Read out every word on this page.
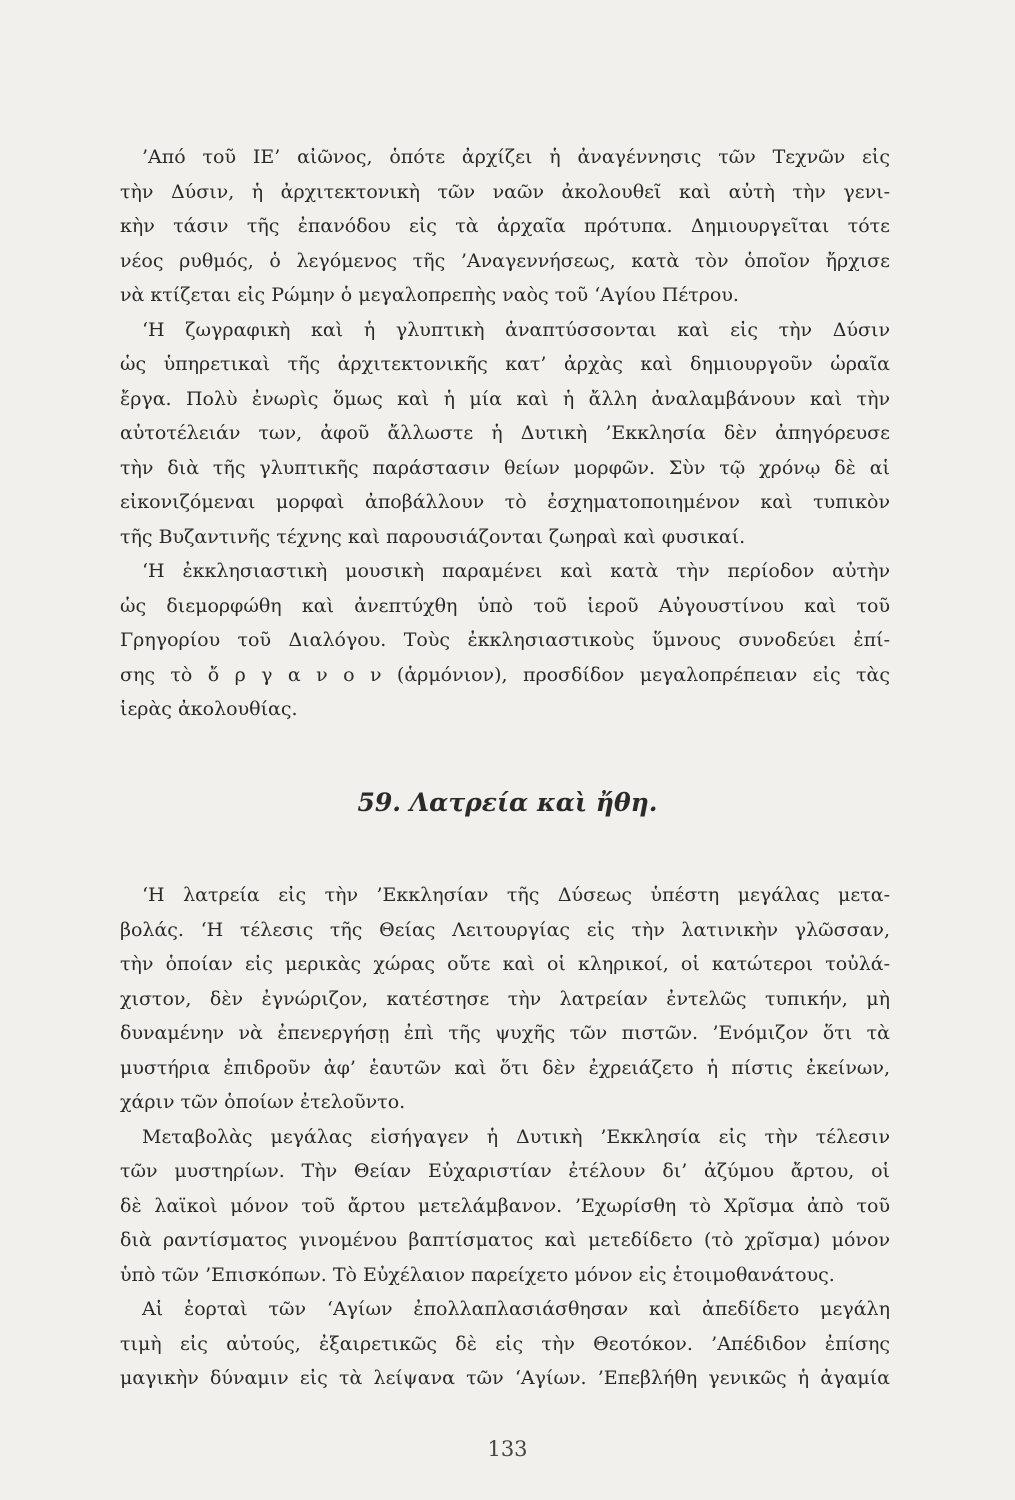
’Από τοῦ ΙΕ’ αἰῶνος, ὁπότε ἀρχίζει ἡ ἀναγέννησις τῶν Τεχνῶν εἰς
τὴν Δύσιν, ἡ ἀρχιτεκτονικὴ τῶν ναῶν ἀκολουθεῖ καὶ αὐτὴ τὴν γενι-
κὴν τάσιν τῆς ἐπανόδου εἰς τὰ ἀρχαῖα πρότυπα. Δημιουργεῖται τότε
νέος ρυθμός, ὁ λεγόμενος τῆς ’Αναγεννήσεως, κατὰ τὸν ὁποῖον ἤρχισε
νὰ κτίζεται εἰς Ρώμην ὁ μεγαλοπρεπὴς ναὸς τοῦ ‘Αγίου Πέτρου.
‘Η ζωγραφικὴ καὶ ἡ γλυπτικὴ ἀναπτύσσονται καὶ εἰς τὴν Δύσιν
ὡς ὑπηρετικαὶ τῆς ἀρχιτεκτονικῆς κατ’ ἀρχὰς καὶ δημιουργοῦν ὡραῖα
ἔργα. Πολὺ ἐνωρὶς ὅμως καὶ ἡ μία καὶ ἡ ἄλλη ἀναλαμβάνουν καὶ τὴν
αὐτοτέλειάν των, ἀφοῦ ἄλλωστε ἡ Δυτικὴ ’Εκκλησία δὲν ἀπηγόρευσε
τὴν διὰ τῆς γλυπτικῆς παράστασιν θείων μορφῶν. Σὺν τῷ χρόνῳ δὲ αἱ
εἰκονιζόμεναι μορφαὶ ἀποβάλλουν τὸ ἐσχηματοποιημένον καὶ τυπικὸν
τῆς Βυζαντινῆς τέχνης καὶ παρουσιάζονται ζωηραὶ καὶ φυσικαί.
‘Η ἐκκλησιαστικὴ μουσικὴ παραμένει καὶ κατὰ τὴν περίοδον αὐτὴν
ὡς διεμορφώθη καὶ ἀνεπτύχθη ὑπὸ τοῦ ἱεροῦ Αὐγουστίνου καὶ τοῦ
Γρηγορίου τοῦ Διαλόγου. Τοὺς ἐκκλησιαστικοὺς ὕμνους συνοδεύει ἐπί-
σης τὸ ὄ ρ γ α ν ο ν (ἁρμόνιον), προσδίδον μεγαλοπρέπειαν εἰς τὰς
ἱερὰς ἀκολουθίας.
59. Λατρεία καὶ ἤθη.
‘Η λατρεία εἰς τὴν ’Εκκλησίαν τῆς Δύσεως ὑπέστη μεγάλας μετα-
βολάς. ‘Η τέλεσις τῆς Θείας Λειτουργίας εἰς τὴν λατινικὴν γλῶσσαν,
τὴν ὁποίαν εἰς μερικὰς χώρας οὔτε καὶ οἱ κληρικοί, οἱ κατώτεροι τοὐλά-
χιστον, δὲν ἐγνώριζον, κατέστησε τὴν λατρείαν ἐντελῶς τυπικήν, μὴ
δυναμένην νὰ ἐπενεργήσῃ ἐπὶ τῆς ψυχῆς τῶν πιστῶν. ’Ενόμιζον ὅτι τὰ
μυστήρια ἐπιδροῦν ἀφ’ ἑαυτῶν καὶ ὅτι δὲν ἐχρειάζετο ἡ πίστις ἐκείνων,
χάριν τῶν ὁποίων ἐτελοῦντο.
Μεταβολὰς μεγάλας εἰσήγαγεν ἡ Δυτικὴ ’Εκκλησία εἰς τὴν τέλεσιν
τῶν μυστηρίων. Τὴν Θείαν Εὐχαριστίαν ἐτέλουν δι’ ἀζύμου ἄρτου, οἱ
δὲ λαϊκοὶ μόνον τοῦ ἄρτου μετελάμβανον. ’Εχωρίσθη τὸ Χρῖσμα ἀπὸ τοῦ
διὰ ραντίσματος γινομένου βαπτίσματος καὶ μετεδίδετο (τὸ χρῖσμα) μόνον
ὑπὸ τῶν ’Επισκόπων. Τὸ Εὐχέλαιον παρείχετο μόνον εἰς ἑτοιμοθανάτους.
Αἱ ἑορταὶ τῶν ‘Αγίων ἐπολλαπλασιάσθησαν καὶ ἀπεδίδετο μεγάλη
τιμὴ εἰς αὐτούς, ἐξαιρετικῶς δὲ εἰς τὴν Θεοτόκον. ’Απέδιδον ἐπίσης
μαγικὴν δύναμιν εἰς τὰ λείψανα τῶν ‘Αγίων. ’Επεβλήθη γενικῶς ἡ ἀγαμία
133
